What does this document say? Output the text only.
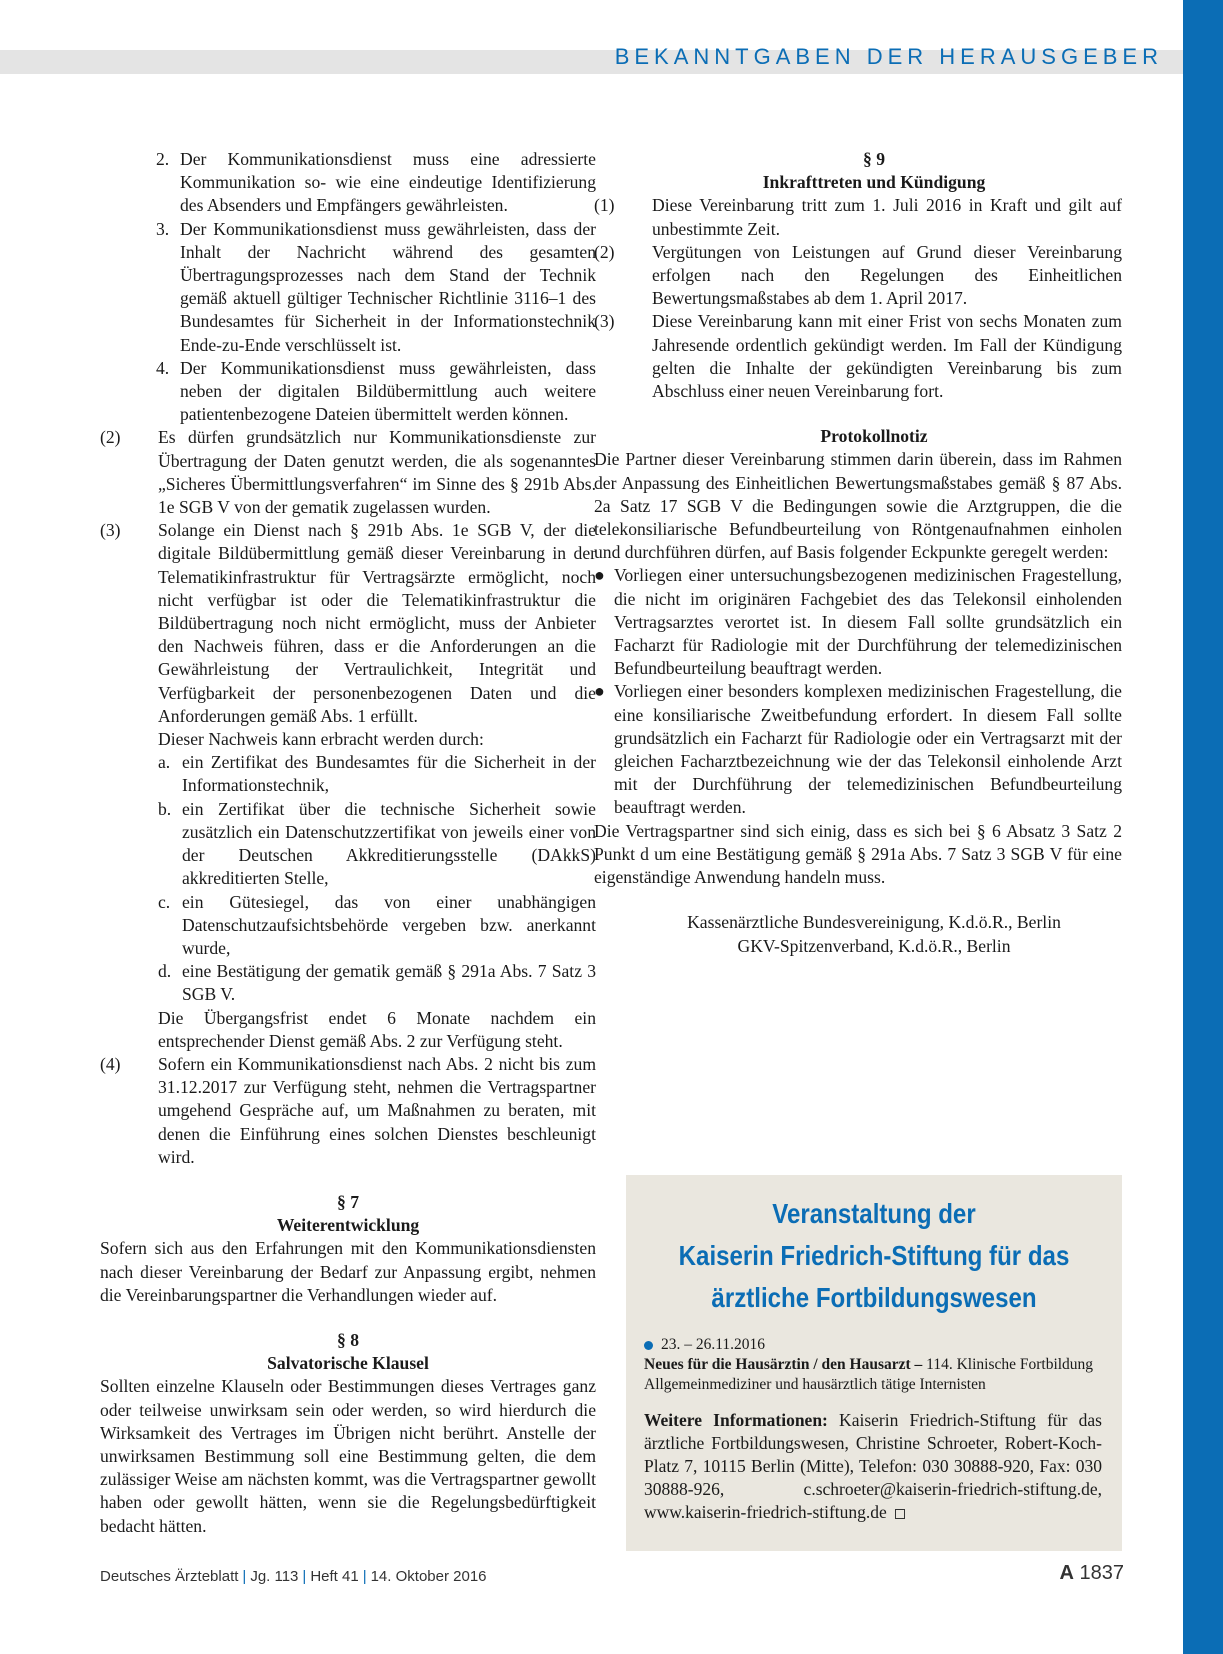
BEKANNTGABEN DER HERAUSGEBER
2. Der Kommunikationsdienst muss eine adressierte Kommunikation so- wie eine eindeutige Identifizierung des Absenders und Empfängers gewährleisten.
3. Der Kommunikationsdienst muss gewährleisten, dass der Inhalt der Nachricht während des gesamten Übertragungsprozesses nach dem Stand der Technik gemäß aktuell gültiger Technischer Richtlinie 3116–1 des Bundesamtes für Sicherheit in der Informationstechnik Ende-zu-Ende verschlüsselt ist.
4. Der Kommunikationsdienst muss gewährleisten, dass neben der digitalen Bildübermittlung auch weitere patientenbezogene Dateien übermittelt werden können.
(2)	Es dürfen grundsätzlich nur Kommunikationsdienste zur Übertragung der Daten genutzt werden, die als sogenanntes „Sicheres Übermittlungsverfahren“ im Sinne des § 291b Abs. 1e SGB V von der gematik zugelassen wurden.
(3)	Solange ein Dienst nach § 291b Abs. 1e SGB V, der die digitale Bildübermittlung gemäß dieser Vereinbarung in der Telematikinfrastruktur für Vertragsärzte ermöglicht, noch nicht verfügbar ist oder die Telematikinfrastruktur die Bildübertragung noch nicht ermöglicht, muss der Anbieter den Nachweis führen, dass er die Anforderungen an die Gewährleistung der Vertraulichkeit, Integrität und Verfügbarkeit der personenbezogenen Daten und die Anforderungen gemäß Abs. 1 erfüllt.
Dieser Nachweis kann erbracht werden durch:
a. ein Zertifikat des Bundesamtes für die Sicherheit in der Informationstechnik,
b. ein Zertifikat über die technische Sicherheit sowie zusätzlich ein Datenschutzzertifikat von jeweils einer von der Deutschen Akkreditierungsstelle (DAkkS) akkreditierten Stelle,
c. ein Gütesiegel, das von einer unabhängigen Datenschutzaufsichtsbehörde vergeben bzw. anerkannt wurde,
d. eine Bestätigung der gematik gemäß § 291a Abs. 7 Satz 3 SGB V.
Die Übergangsfrist endet 6 Monate nachdem ein entsprechender Dienst gemäß Abs. 2 zur Verfügung steht.
(4)	Sofern ein Kommunikationsdienst nach Abs. 2 nicht bis zum 31.12.2017 zur Verfügung steht, nehmen die Vertragspartner umgehend Gespräche auf, um Maßnahmen zu beraten, mit denen die Einführung eines solchen Dienstes beschleunigt wird.
§ 7
Weiterentwicklung
Sofern sich aus den Erfahrungen mit den Kommunikationsdiensten nach dieser Vereinbarung der Bedarf zur Anpassung ergibt, nehmen die Vereinbarungspartner die Verhandlungen wieder auf.
§ 8
Salvatorische Klausel
Sollten einzelne Klauseln oder Bestimmungen dieses Vertrages ganz oder teilweise unwirksam sein oder werden, so wird hierdurch die Wirksamkeit des Vertrages im Übrigen nicht berührt. Anstelle der unwirksamen Bestimmung soll eine Bestimmung gelten, die dem zulässiger Weise am nächsten kommt, was die Vertragspartner gewollt haben oder gewollt hätten, wenn sie die Regelungsbedürftigkeit bedacht hätten.
§ 9
Inkrafttreten und Kündigung
(1)	Diese Vereinbarung tritt zum 1. Juli 2016 in Kraft und gilt auf unbestimmte Zeit.
(2)	Vergütungen von Leistungen auf Grund dieser Vereinbarung erfolgen nach den Regelungen des Einheitlichen Bewertungsmaßstabes ab dem 1. April 2017.
(3)	Diese Vereinbarung kann mit einer Frist von sechs Monaten zum Jahresende ordentlich gekündigt werden. Im Fall der Kündigung gelten die Inhalte der gekündigten Vereinbarung bis zum Abschluss einer neuen Vereinbarung fort.
Protokollnotiz
Die Partner dieser Vereinbarung stimmen darin überein, dass im Rahmen der Anpassung des Einheitlichen Bewertungsmaßstabes gemäß § 87 Abs. 2a Satz 17 SGB V die Bedingungen sowie die Arztgruppen, die die telekonsiliarische Befundbeurteilung von Röntgenaufnahmen einholen und durchführen dürfen, auf Basis folgender Eckpunkte geregelt werden:
● Vorliegen einer untersuchungsbezogenen medizinischen Fragestellung, die nicht im originären Fachgebiet des das Telekonsil einholenden Vertragsarztes verortet ist. In diesem Fall sollte grundsätzlich ein Facharzt für Radiologie mit der Durchführung der telemedizinischen Befundbeurteilung beauftragt werden.
● Vorliegen einer besonders komplexen medizinischen Fragestellung, die eine konsiliarische Zweitbefundung erfordert. In diesem Fall sollte grundsätzlich ein Facharzt für Radiologie oder ein Vertragsarzt mit der gleichen Facharztbezeichnung wie der das Telekonsil einholende Arzt mit der Durchführung der telemedizinischen Befundbeurteilung beauftragt werden.
Die Vertragspartner sind sich einig, dass es sich bei § 6 Absatz 3 Satz 2 Punkt d um eine Bestätigung gemäß § 291a Abs. 7 Satz 3 SGB V für eine eigenständige Anwendung handeln muss.
Kassenärztliche Bundesvereinigung, K.d.ö.R., Berlin
GKV-Spitzenverband, K.d.ö.R., Berlin
Veranstaltung der
Kaiserin Friedrich-Stiftung für das
ärztliche Fortbildungswesen
23. – 26.11.2016
Neues für die Hausärztin / den Hausarzt – 114. Klinische Fortbildung Allgemeinmediziner und hausärztlich tätige Internisten
Weitere Informationen: Kaiserin Friedrich-Stiftung für das ärztliche Fortbildungswesen, Christine Schroeter, Robert-Koch-Platz 7, 10115 Berlin (Mitte), Telefon: 030 30888-920, Fax: 030 30888-926, c.schroeter@kaiserin-friedrich-stiftung.de, www.kaiserin-friedrich-stiftung.de
Deutsches Ärzteblatt | Jg. 113 | Heft 41 | 14. Oktober 2016	A 1837
